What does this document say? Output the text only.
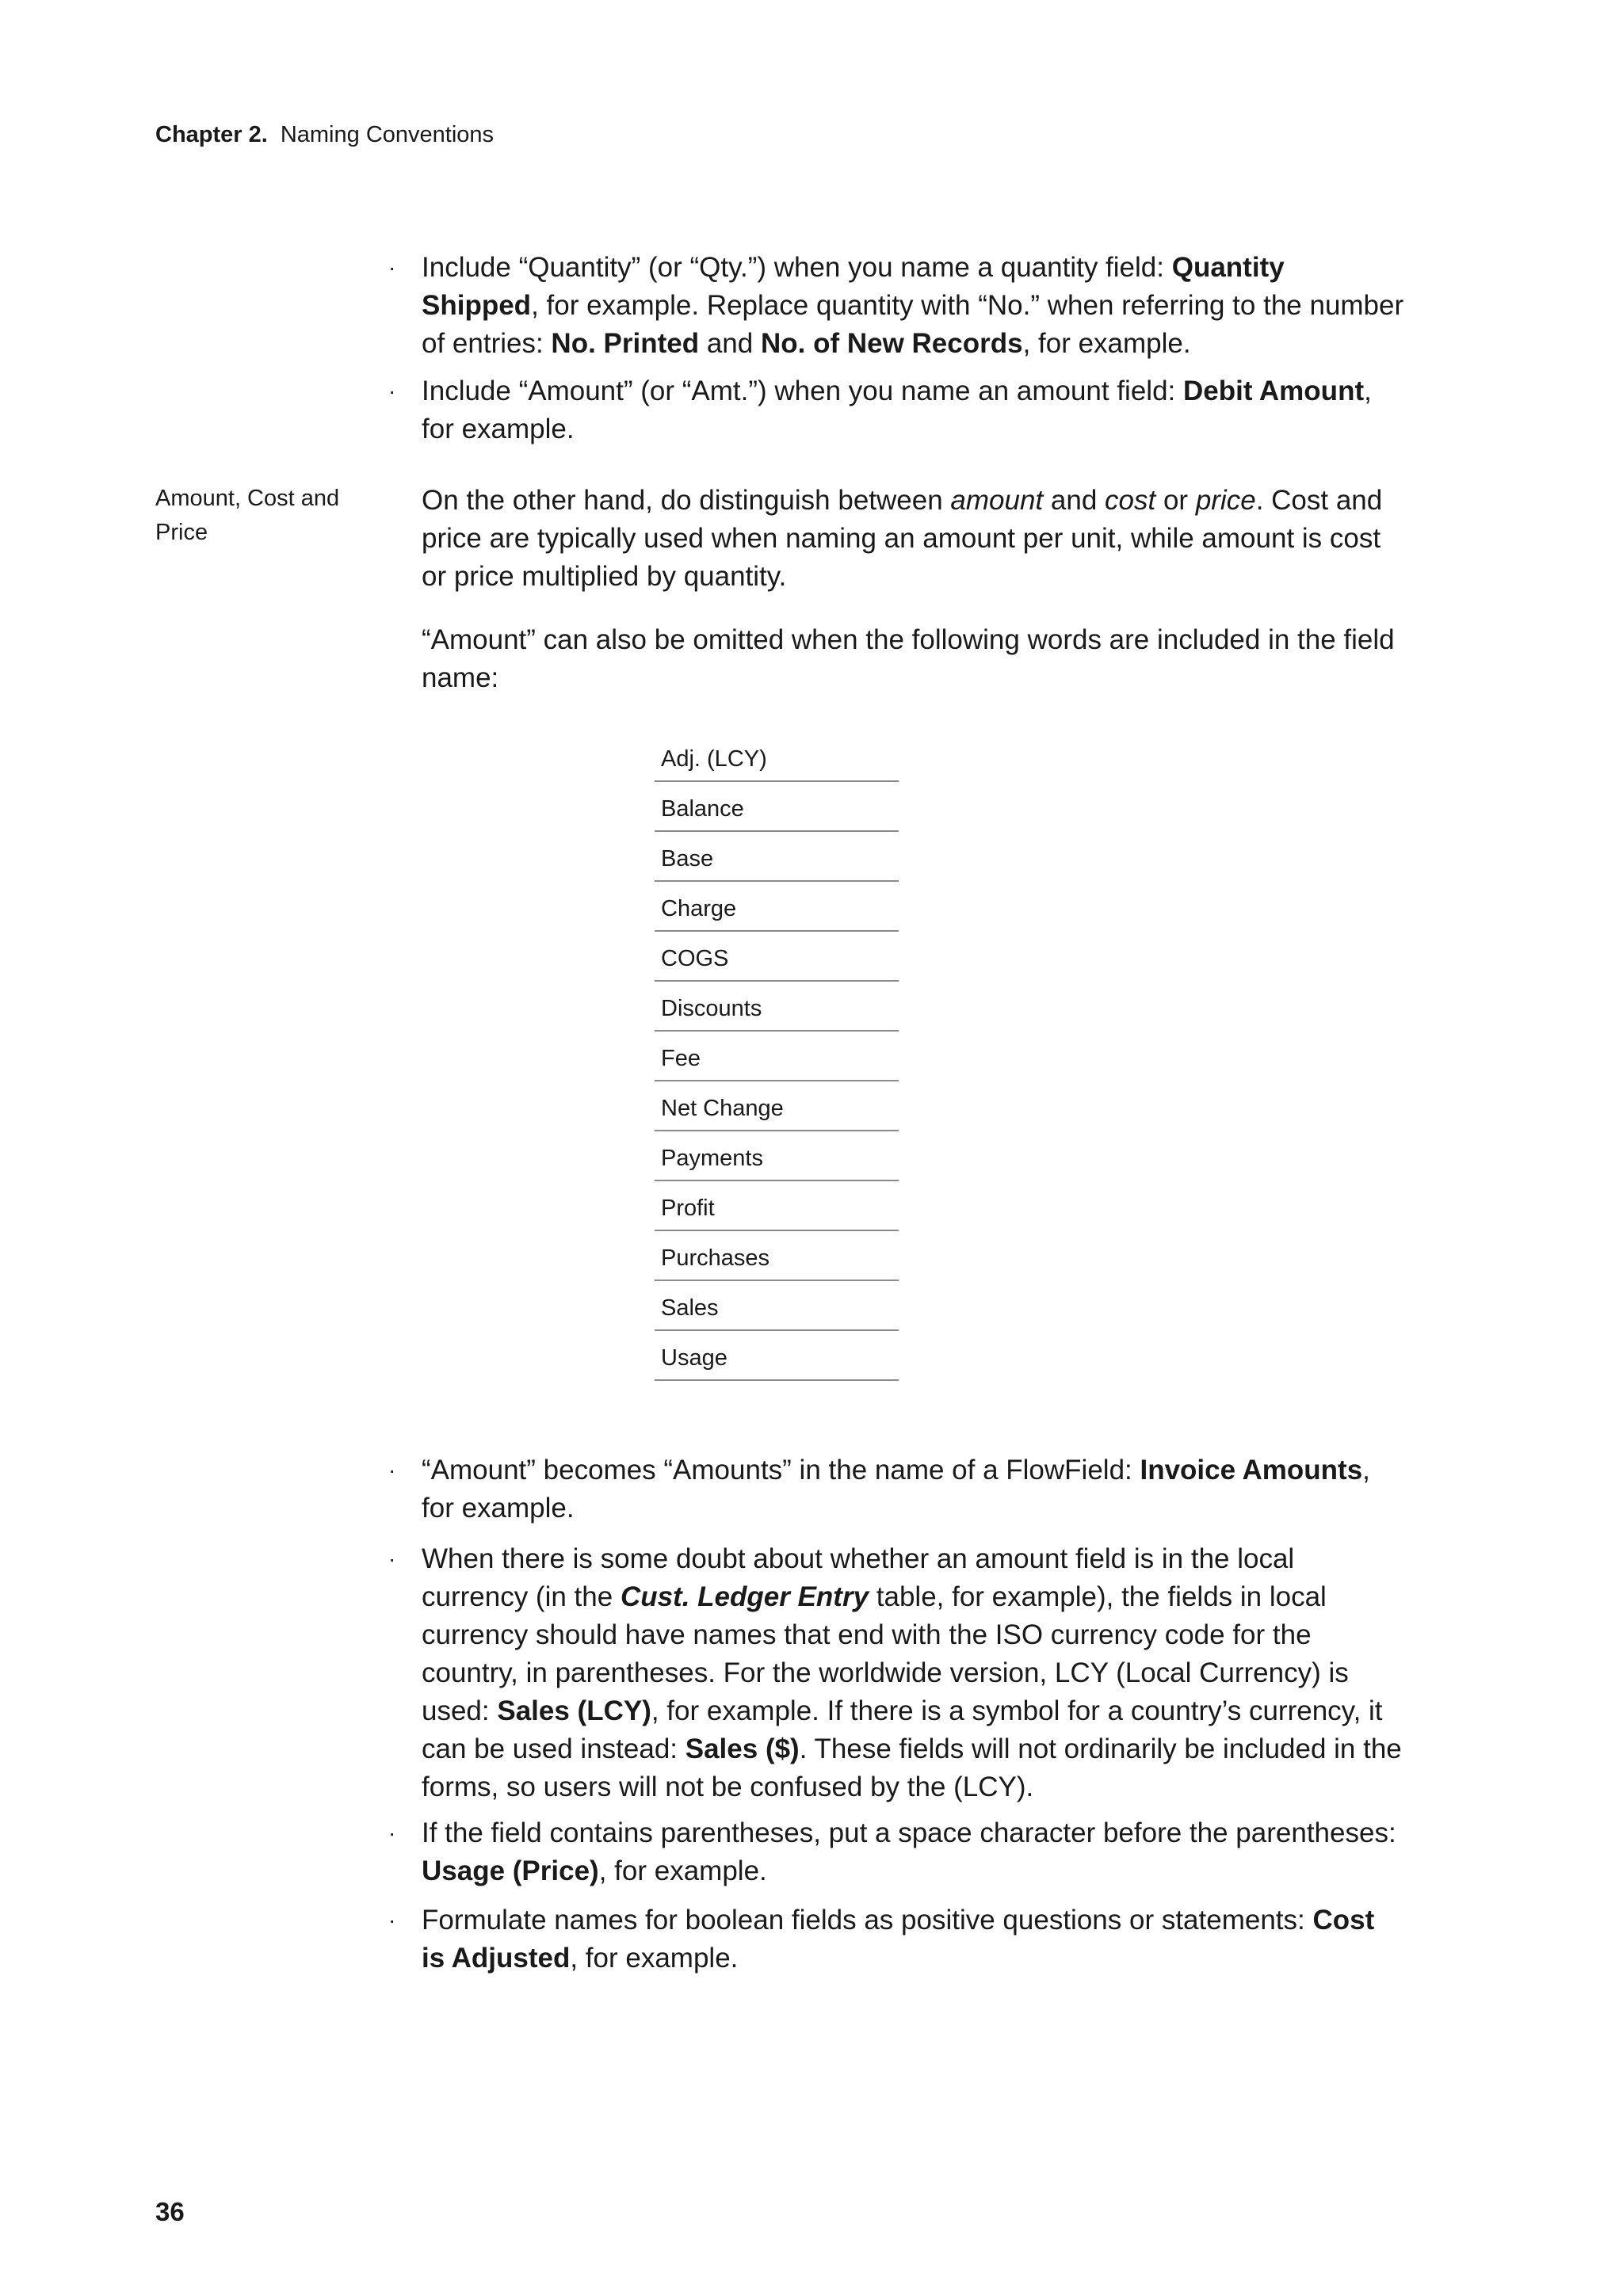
Chapter 2. Naming Conventions
· Include “Quantity” (or “Qty.”) when you name a quantity field: Quantity Shipped, for example. Replace quantity with “No.” when referring to the number of entries: No. Printed and No. of New Records, for example.
· Include “Amount” (or “Amt.”) when you name an amount field: Debit Amount, for example.
Amount, Cost and Price
On the other hand, do distinguish between amount and cost or price. Cost and price are typically used when naming an amount per unit, while amount is cost or price multiplied by quantity.
“Amount” can also be omitted when the following words are included in the field name:
Adj. (LCY)
Balance
Base
Charge
COGS
Discounts
Fee
Net Change
Payments
Profit
Purchases
Sales
Usage
· “Amount” becomes “Amounts” in the name of a FlowField: Invoice Amounts, for example.
· When there is some doubt about whether an amount field is in the local currency (in the Cust. Ledger Entry table, for example), the fields in local currency should have names that end with the ISO currency code for the country, in parentheses. For the worldwide version, LCY (Local Currency) is used: Sales (LCY), for example. If there is a symbol for a country’s currency, it can be used instead: Sales ($). These fields will not ordinarily be included in the forms, so users will not be confused by the (LCY).
· If the field contains parentheses, put a space character before the parentheses: Usage (Price), for example.
· Formulate names for boolean fields as positive questions or statements: Cost is Adjusted, for example.
36
